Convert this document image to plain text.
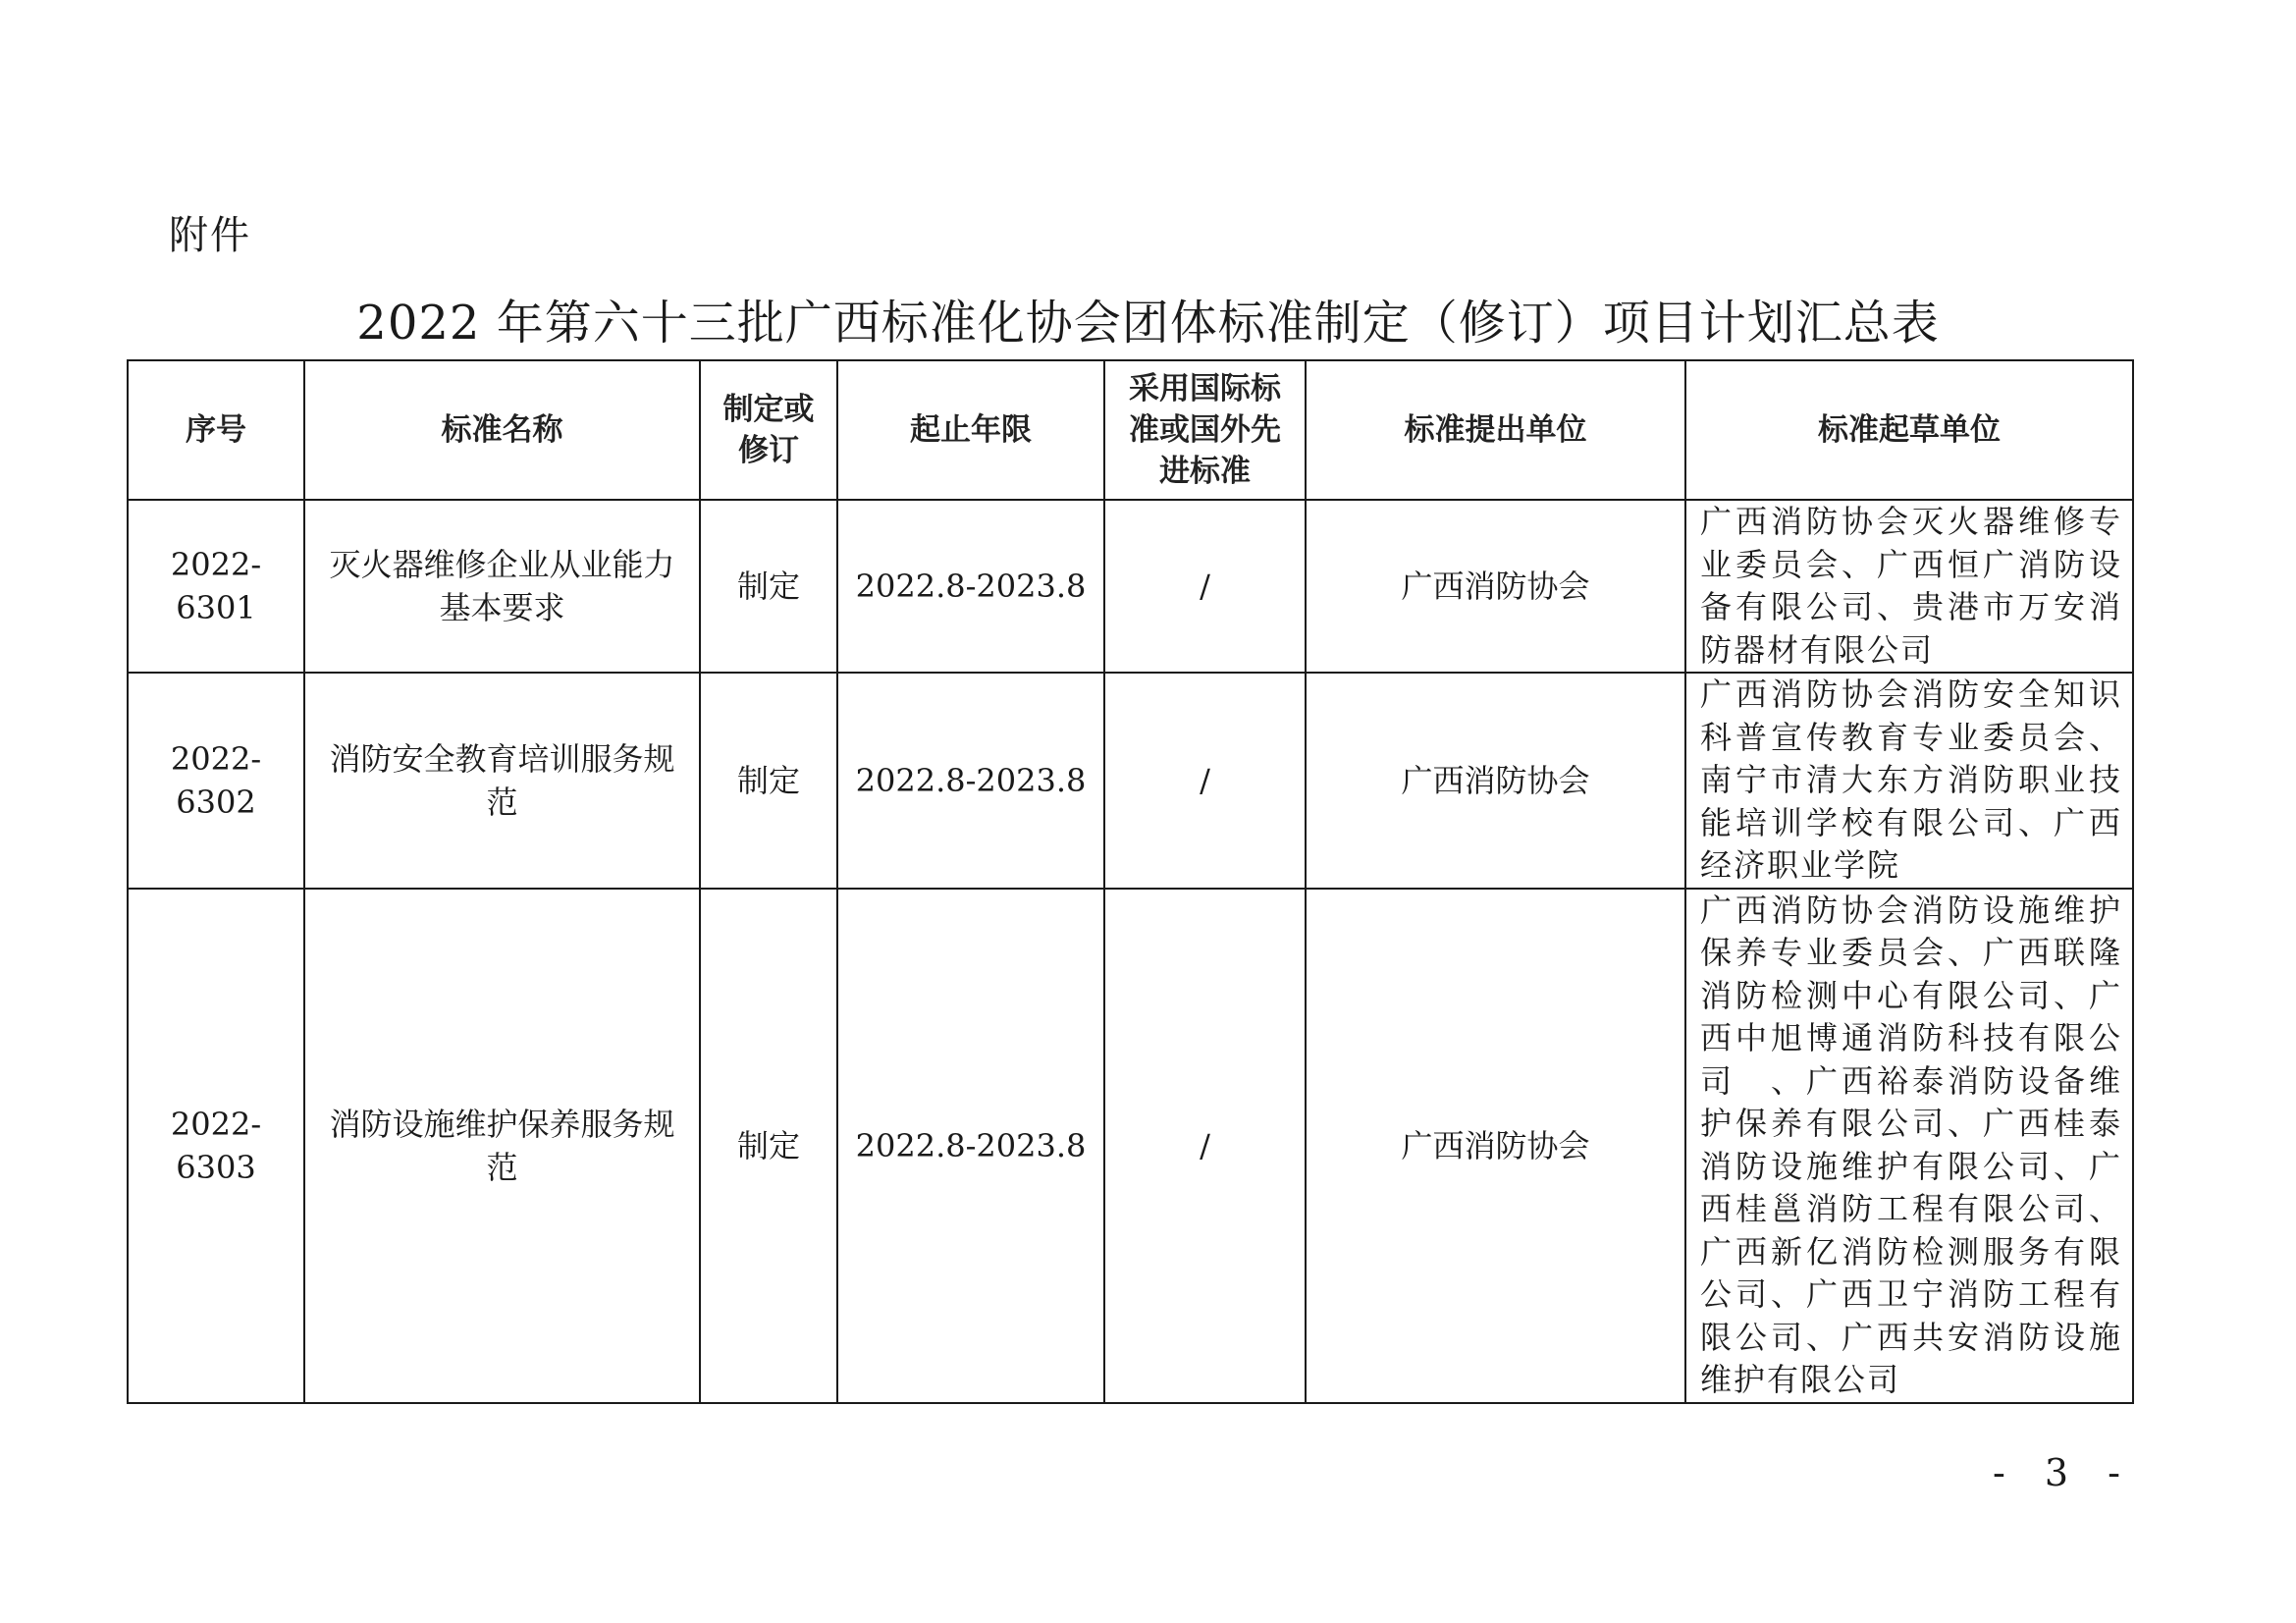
附件
2022 年第六十三批广西标准化协会团体标准制定（修订）项目计划汇总表
序号	标准名称	制定或修订	起止年限	采用国际标准或国外先进标准	标准提出单位	标准起草单位
2022-6301	灭火器维修企业从业能力基本要求	制定	2022.8-2023.8	/	广西消防协会	广西消防协会灭火器维修专业委员会、广西恒广消防设备有限公司、贵港市万安消防器材有限公司
2022-6302	消防安全教育培训服务规范	制定	2022.8-2023.8	/	广西消防协会	广西消防协会消防安全知识科普宣传教育专业委员会、南宁市清大东方消防职业技能培训学校有限公司、广西经济职业学院
2022-6303	消防设施维护保养服务规范	制定	2022.8-2023.8	/	广西消防协会	广西消防协会消防设施维护保养专业委员会、广西联隆消防检测中心有限公司、广西中旭博通消防科技有限公司　、广西裕泰消防设备维护保养有限公司、广西桂泰消防设施维护有限公司、广西桂邕消防工程有限公司、广西新亿消防检测服务有限公司、广西卫宁消防工程有限公司、广西共安消防设施维护有限公司
- 3 -
